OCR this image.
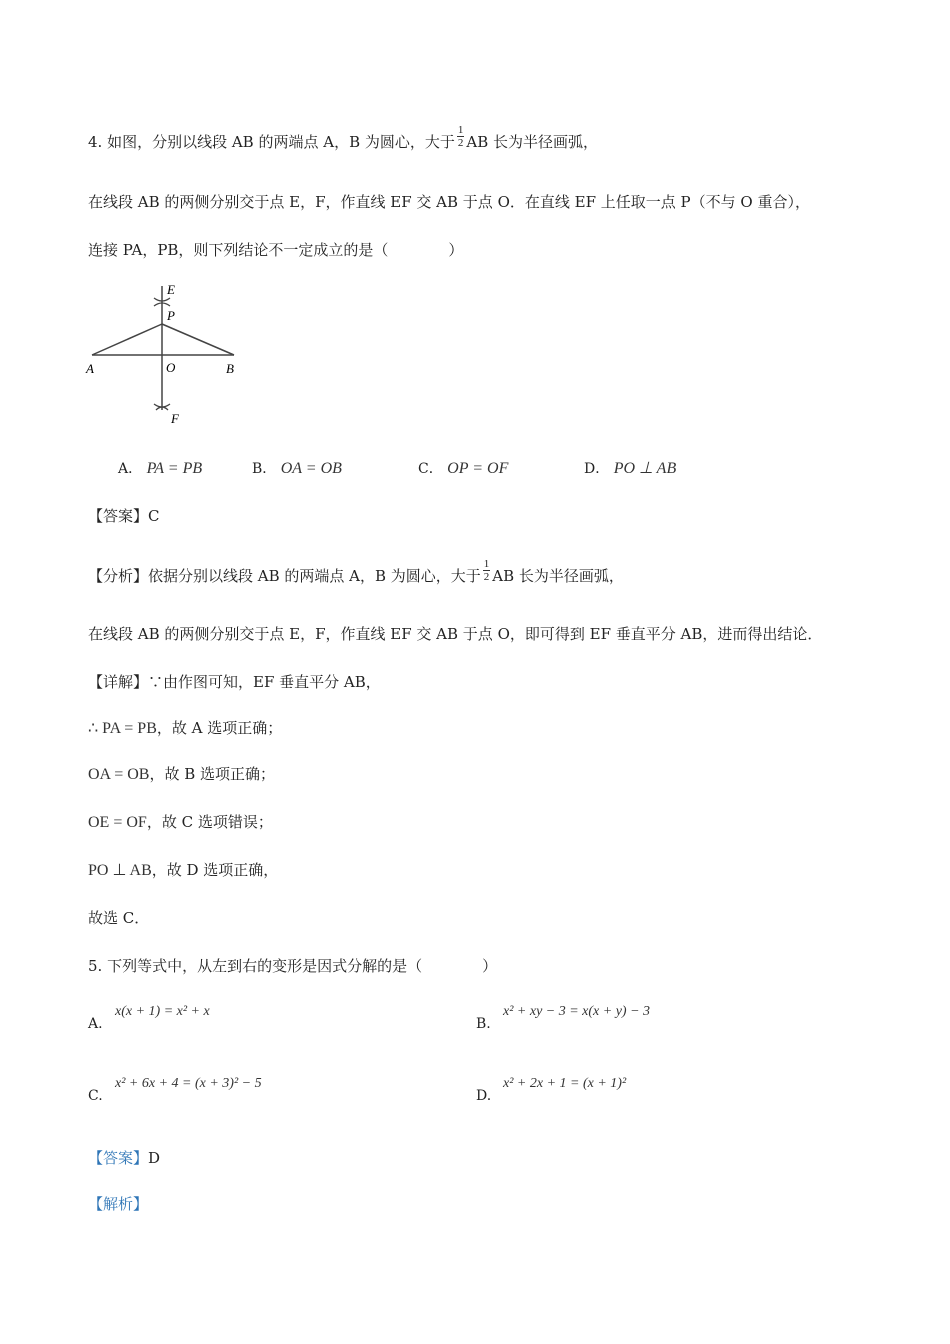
4. 如图，分别以线段 AB 的两端点 A，B 为圆心，大于 $\frac{1}{2}$ AB 长为半径画弧，
在线段 AB 的两侧分别交于点 E，F，作直线 EF 交 AB 于点 O．在直线 EF 上任取一点 P（不与 O 重合），
连接 PA，PB，则下列结论不一定成立的是（　　　　）
E
P
A	O	B
F
A． PA = PB	B． OA = OB	C． OP = OF	D． PO ⊥ AB
【答案】C
【分析】依据分别以线段 AB 的两端点 A，B 为圆心，大于 $\frac{1}{2}$ AB 长为半径画弧，
在线段 AB 的两侧分别交于点 E，F，作直线 EF 交 AB 于点 O，即可得到 EF 垂直平分 AB，进而得出结论．
【详解】∵由作图可知，EF 垂直平分 AB，
∴ PA = PB，故 A 选项正确；
OA = OB，故 B 选项正确；
OE = OF，故 C 选项错误；
PO ⊥ AB，故 D 选项正确，
故选 C．
5. 下列等式中，从左到右的变形是因式分解的是（　　　　）
A.
x(x + 1) = x² + x
B.
x² + xy − 3 = x(x + y) − 3
C.
x² + 6x + 4 = (x + 3)² − 5
D.
x² + 2x + 1 = (x + 1)²
【答案】D
【解析】
